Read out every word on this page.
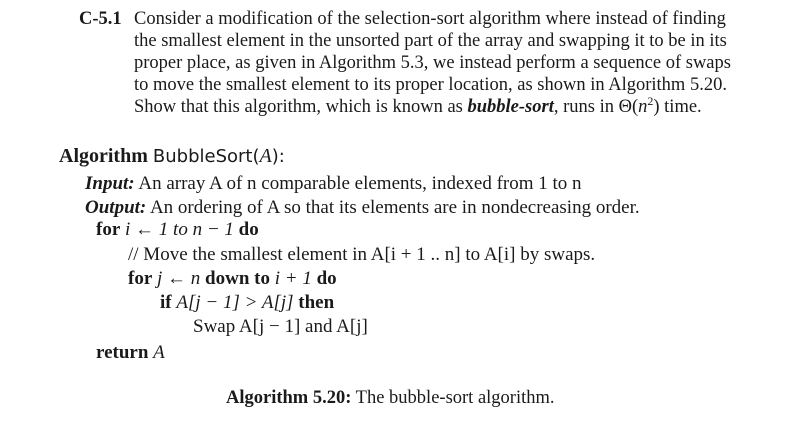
C-5.1 Consider a modification of the selection-sort algorithm where instead of finding
the smallest element in the unsorted part of the array and swapping it to be in its
proper place, as given in Algorithm 5.3, we instead perform a sequence of swaps
to move the smallest element to its proper location, as shown in Algorithm 5.20.
Show that this algorithm, which is known as bubble-sort, runs in $\Theta(n^2)$ time.
Algorithm BubbleSort(A):
Input: An array A of n comparable elements, indexed from 1 to n
Output: An ordering of A so that its elements are in nondecreasing order.
for i ← 1 to n − 1 do
// Move the smallest element in A[i + 1 .. n] to A[i] by swaps.
for j ← n down to i + 1 do
if A[j − 1] > A[j] then
Swap A[j − 1] and A[j]
return A
Algorithm 5.20: The bubble-sort algorithm.
